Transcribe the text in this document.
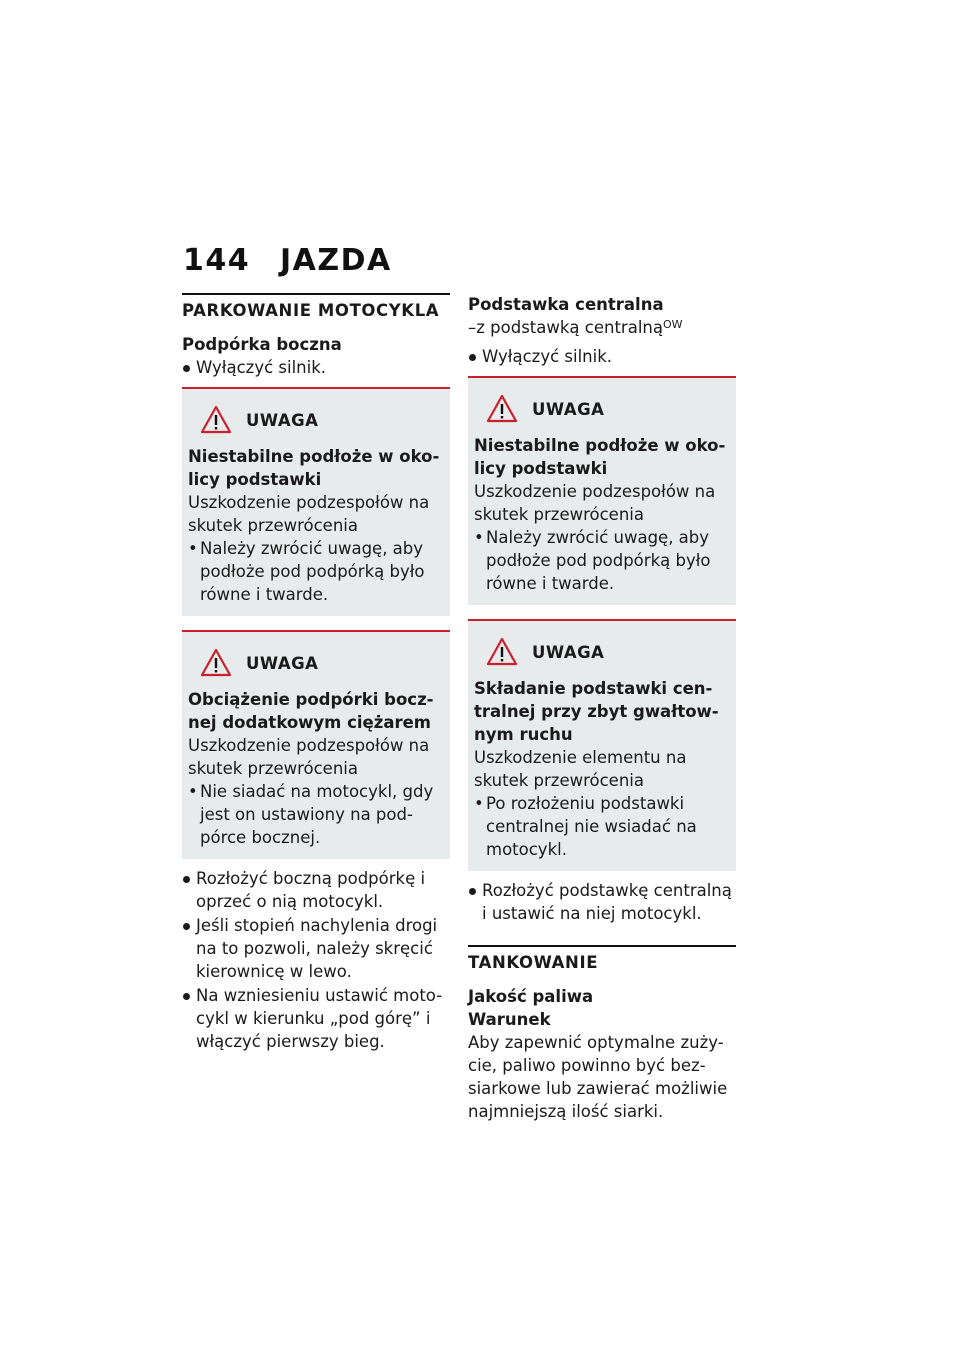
144 JAZDA
PARKOWANIE MOTOCYKLA
Podpórka boczna
Wyłączyć silnik.
UWAGA
Niestabilne podłoże w oko-licy podstawki
Uszkodzenie podzespołów na skutek przewrócenia
• Należy zwrócić uwagę, aby podłoże pod podpórką było równe i twarde.
UWAGA
Obciążenie podpórki bocz-nej dodatkowym ciężarem
Uszkodzenie podzespołów na skutek przewrócenia
• Nie siadać na motocykl, gdy jest on ustawiony na pod-pórce bocznej.
Rozłożyć boczną podpórkę i oprzeć o nią motocykl.
Jeśli stopień nachylenia drogi na to pozwoli, należy skręcić kierownicę w lewo.
Na wzniesieniu ustawić moto-cykl w kierunku „pod górę” i włączyć pierwszy bieg.
Podstawka centralna
–z podstawką centralną$^{OW}$
Wyłączyć silnik.
UWAGA
Niestabilne podłoże w oko-licy podstawki
Uszkodzenie podzespołów na skutek przewrócenia
• Należy zwrócić uwagę, aby podłoże pod podpórką było równe i twarde.
UWAGA
Składanie podstawki cen-tralnej przy zbyt gwałtow-nym ruchu
Uszkodzenie elementu na skutek przewrócenia
• Po rozłożeniu podstawki centralnej nie wsiadać na motocykl.
Rozłożyć podstawkę centralną i ustawić na niej motocykl.
TANKOWANIE
Jakość paliwa
Warunek
Aby zapewnić optymalne zuży-cie, paliwo powinno być bez-siarkowe lub zawierać możliwie najmniejszą ilość siarki.
